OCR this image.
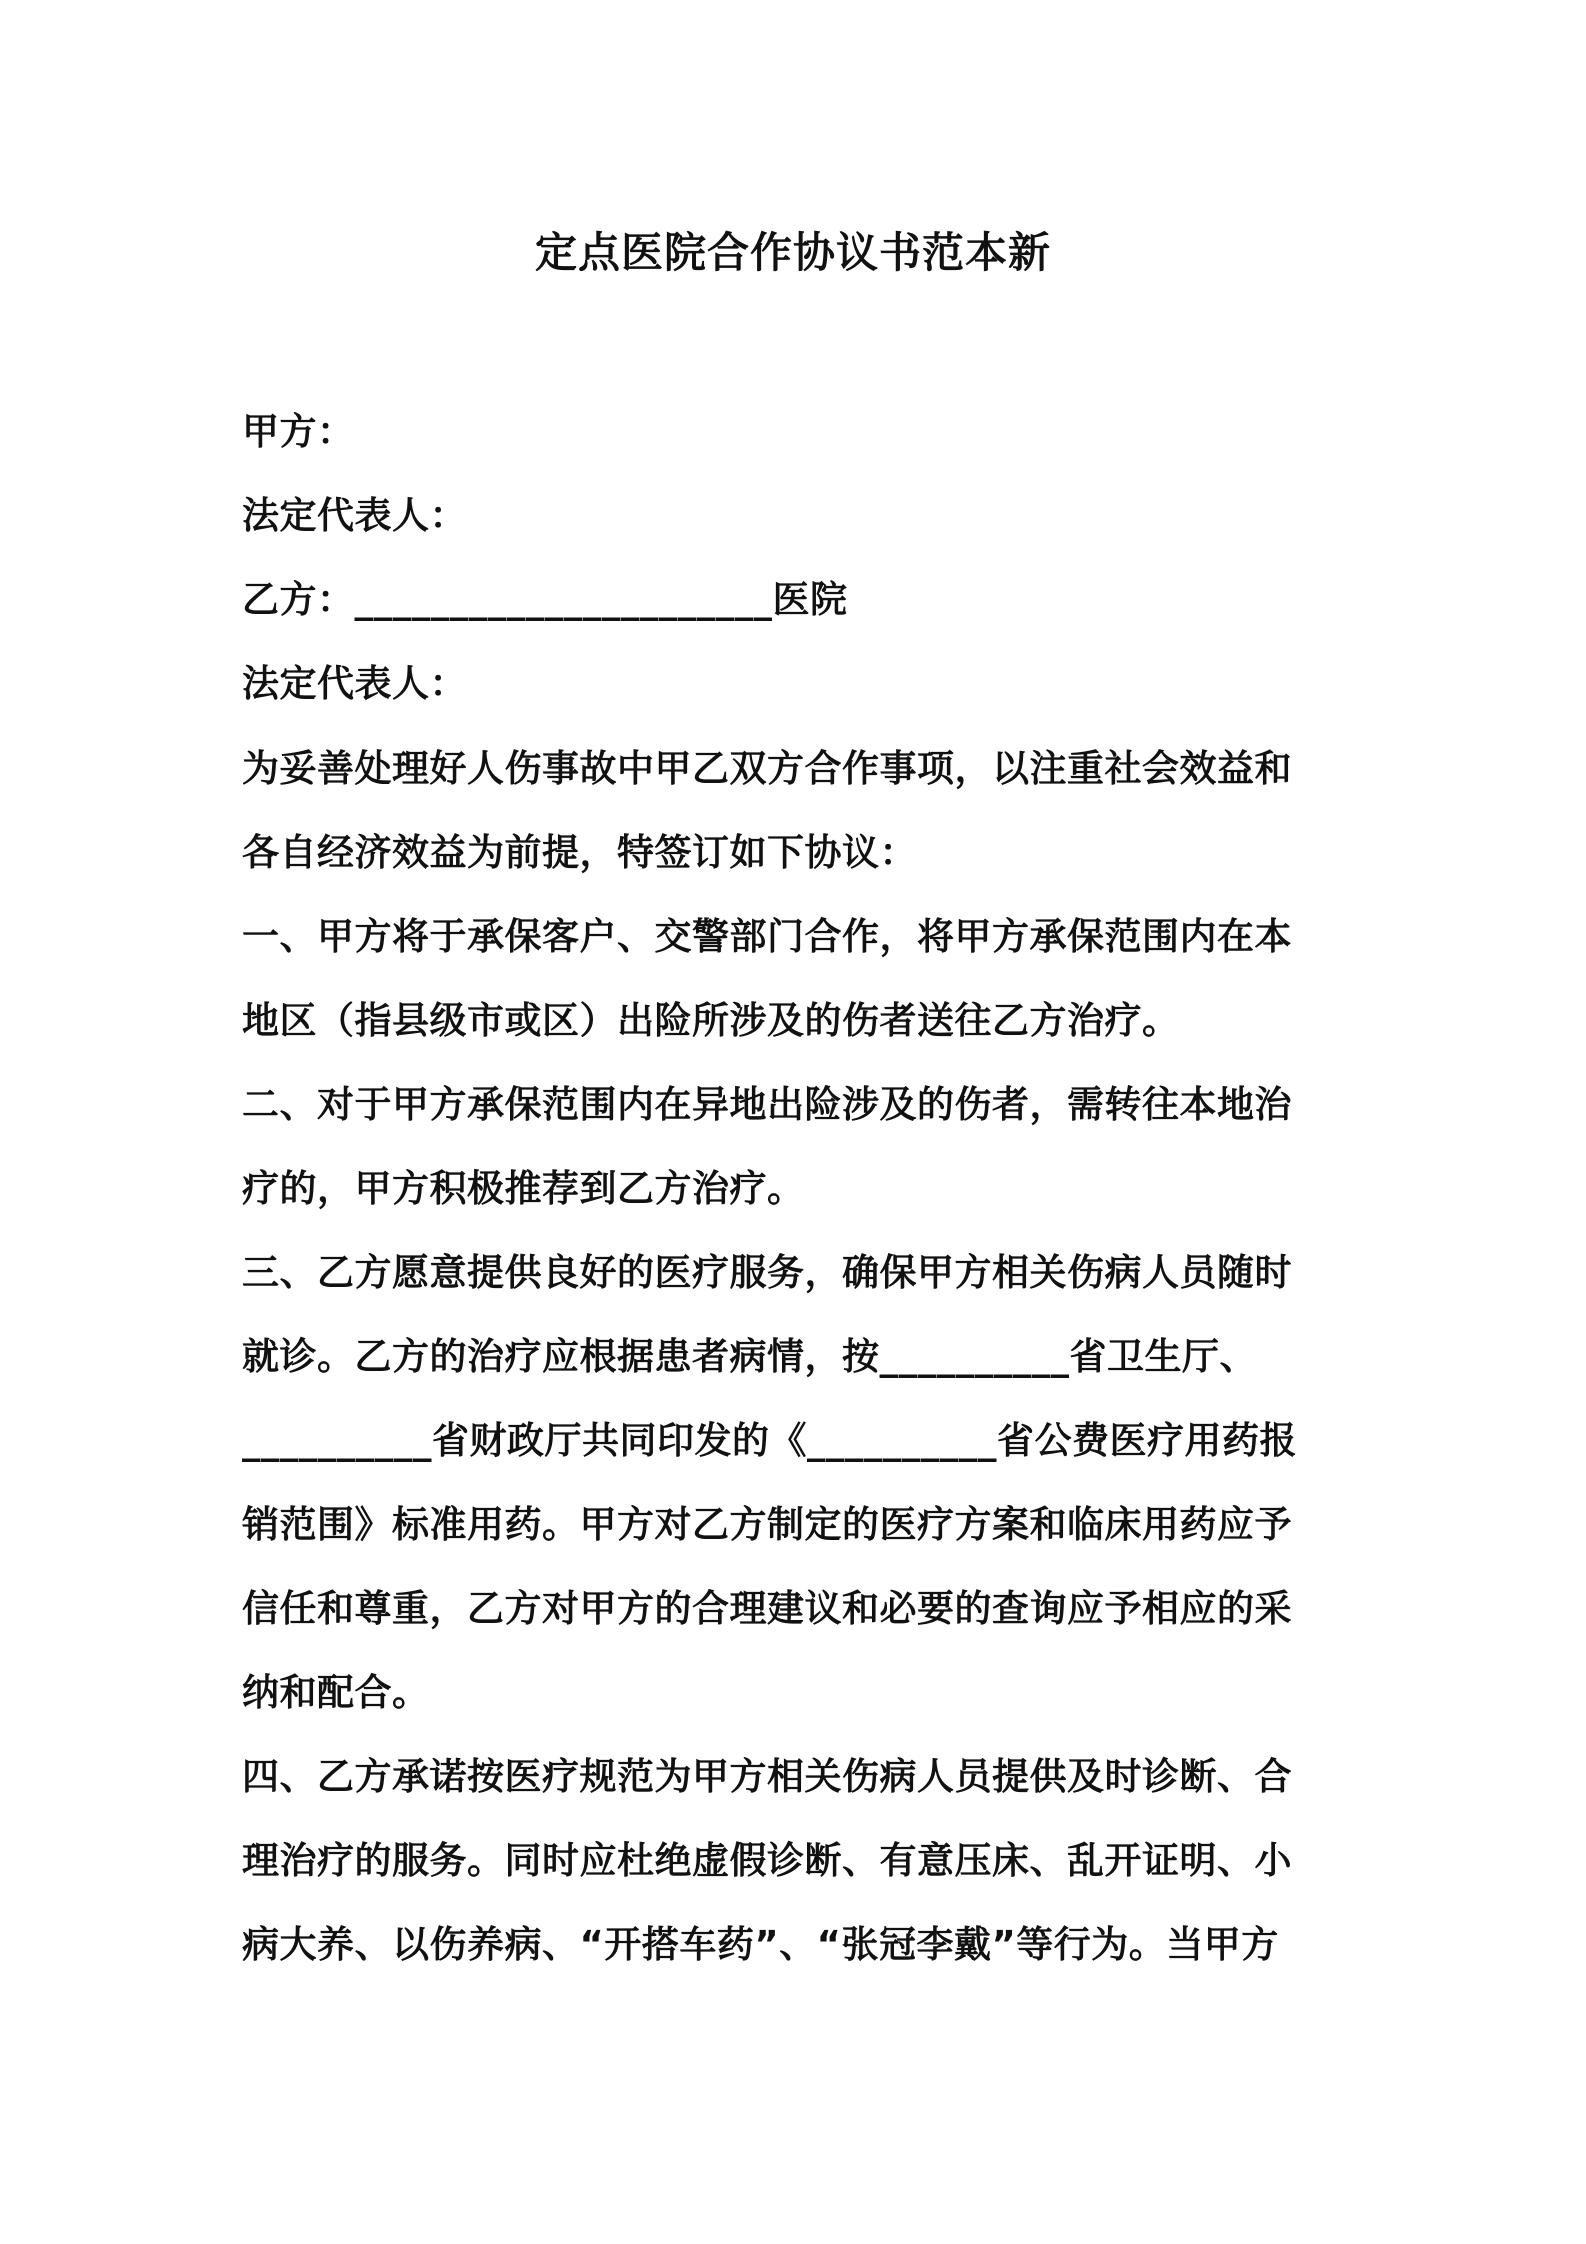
定点医院合作协议书范本新
甲方：
法定代表人：
乙方：______________________医院
法定代表人：
为妥善处理好人伤事故中甲乙双方合作事项，以注重社会效益和
各自经济效益为前提，特签订如下协议：
一、甲方将于承保客户、交警部门合作，将甲方承保范围内在本
地区（指县级市或区）出险所涉及的伤者送往乙方治疗。
二、对于甲方承保范围内在异地出险涉及的伤者，需转往本地治
疗的，甲方积极推荐到乙方治疗。
三、乙方愿意提供良好的医疗服务，确保甲方相关伤病人员随时
就诊。乙方的治疗应根据患者病情，按__________省卫生厅、
__________省财政厅共同印发的《__________省公费医疗用药报
销范围》标准用药。甲方对乙方制定的医疗方案和临床用药应予
信任和尊重，乙方对甲方的合理建议和必要的查询应予相应的采
纳和配合。
四、乙方承诺按医疗规范为甲方相关伤病人员提供及时诊断、合
理治疗的服务。同时应杜绝虚假诊断、有意压床、乱开证明、小
病大养、以伤养病、“开搭车药”、“张冠李戴”等行为。当甲方
